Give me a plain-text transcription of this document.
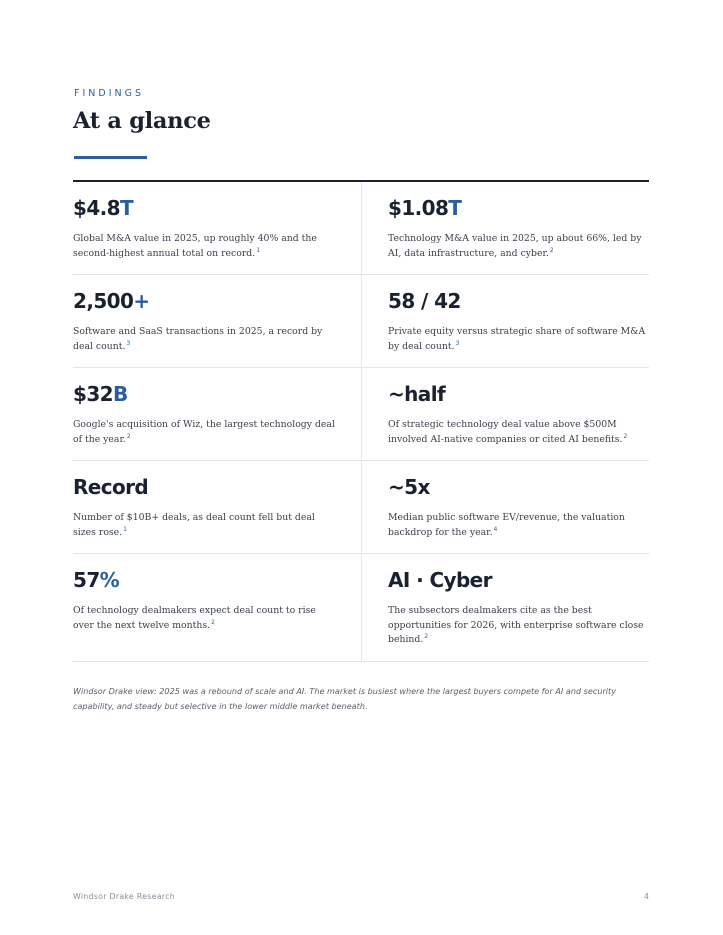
FINDINGS
At a glance
$4.8T
Global M&A value in 2025, up roughly 40% and the second-highest annual total on record.$^1$
$1.08T
Technology M&A value in 2025, up about 66%, led by AI, data infrastructure, and cyber.$^2$
2,500+
Software and SaaS transactions in 2025, a record by deal count.$^3$
58 / 42
Private equity versus strategic share of software M&A by deal count.$^3$
$32B
Google's acquisition of Wiz, the largest technology deal of the year.$^2$
~half
Of strategic technology deal value above $500M involved AI-native companies or cited AI benefits.$^2$
Record
Number of $10B+ deals, as deal count fell but deal sizes rose.$^1$
~5x
Median public software EV/revenue, the valuation backdrop for the year.$^4$
57%
Of technology dealmakers expect deal count to rise over the next twelve months.$^2$
AI · Cyber
The subsectors dealmakers cite as the best opportunities for 2026, with enterprise software close behind.$^2$
Windsor Drake view: 2025 was a rebound of scale and AI. The market is busiest where the largest buyers compete for AI and security capability, and steady but selective in the lower middle market beneath.
Windsor Drake Research	4
